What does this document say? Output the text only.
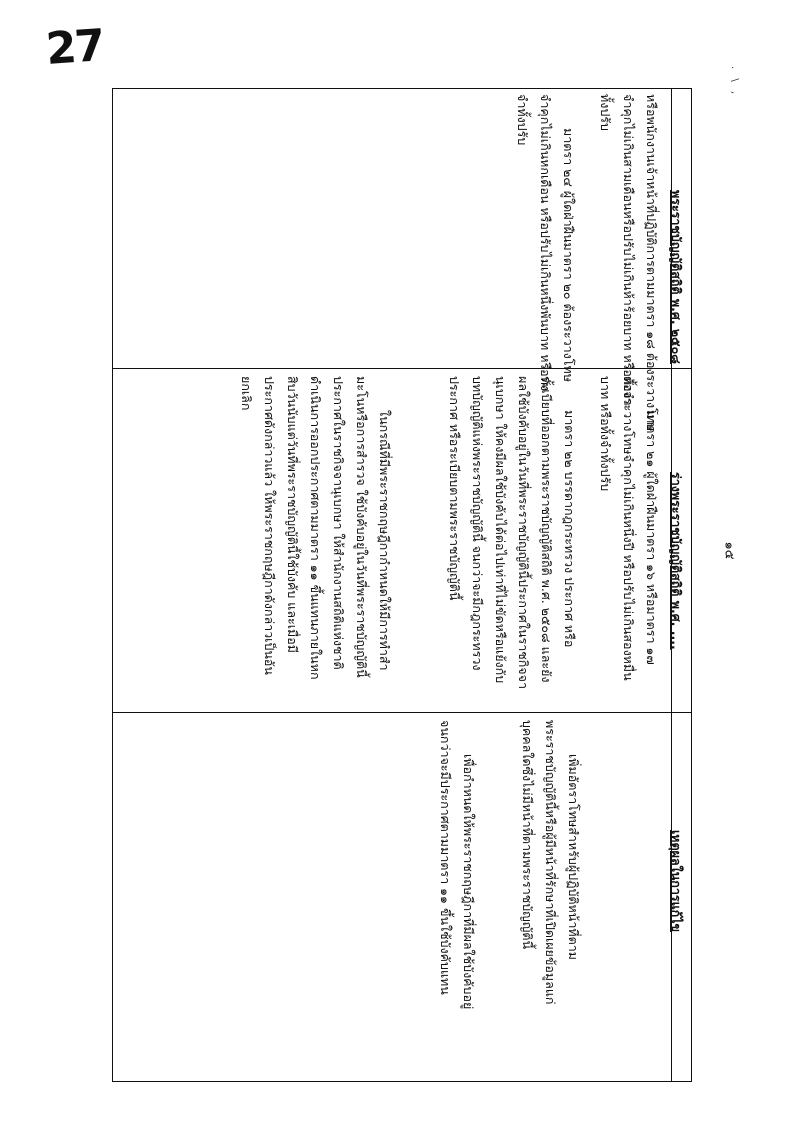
27
. \ ,
๑๕
พระราชบัญญัติสถิติ พ.ศ. ๒๕๐๘
ร่างพระราชบัญญัติสถิติ พ.ศ. ....
เหตุผลในการแก้ไข
หรือพนักงานเจ้าหน้าที่ปฏิบัติการตามมาตรา ๑๘ ต้องระวางโทษ
จำคุกไม่เกินสามเดือนหรือปรับไม่เกินห้าร้อยบาท หรือทั้งจำ
ทั้งปรับ
มาตรา ๒๔ ผู้ใดฝ่าฝืนมาตรา ๒๐ ต้องระวางโทษ
จำคุกไม่เกินหกเดือน หรือปรับไม่เกินหนึ่งพันบาท หรือทั้ง
จำทั้งปรับ
มาตรา ๒๑ ผู้ใดฝ่าฝืนมาตรา ๑๖ หรือมาตรา ๑๗
ต้องระวางโทษจำคุกไม่เกินหนึ่งปี หรือปรับไม่เกินสองหมื่น
บาท หรือทั้งจำทั้งปรับ
มาตรา ๒๒ บรรดากฎกระทรวง ประกาศ หรือ
ระเบียบที่ออกตามพระราชบัญญัติสถิติ พ.ศ. ๒๕๐๘ และยัง
ผลใช้บังคับอยู่ในวันที่พระราชบัญญัตินี้ประกาศในราชกิจจา
นุเบกษา ให้คงมีผลใช้บังคับได้ต่อไปเท่าที่ไม่ขัดหรือแย้งกับ
บทบัญญัติแห่งพระราชบัญญัตินี้ จนกว่าจะมีกฎกระทรวง
ประกาศ หรือระเบียบตามพระราชบัญญัตินี้
ในกรณีที่มีพระราชกฤษฎีกากำหนดให้มีการทำสำ
มะโนหรือการสำรวจ ใช้บังคับอยู่ในวันที่พระราชบัญญัตินี้
ประกาศในราชกิจจานุเบกษา ให้สำนักงานสถิติแห่งชาติ
ดำเนินการออกประกาศตามมาตรา ๑๑ ขึ้นแทนภายในหก
สิบวันนับแต่วันที่พระราชบัญญัตินี้ใช้บังคับ และเมื่อมี
ประกาศดังกล่าวแล้ว ให้พระราชกฤษฎีกาดังกล่าวเป็นอัน
ยกเลิก
เพิ่มอัตราโทษสำหรับผู้ปฏิบัติหน้าที่ตาม
พระราชบัญญัตินี้หรือผู้มีหน้าที่รักษาที่เปิดเผยข้อมูลแก่
บุคคลใดซึ่งไม่มีหน้าที่ตามพระราชบัญญัตินี้
เพื่อกำหนดให้พระราชกฤษฎีกาที่มีผลใช้บังคับอยู่
จนกว่าจะมีประกาศตามมาตรา ๑๑ ขึ้นใช้บังคับแทน
